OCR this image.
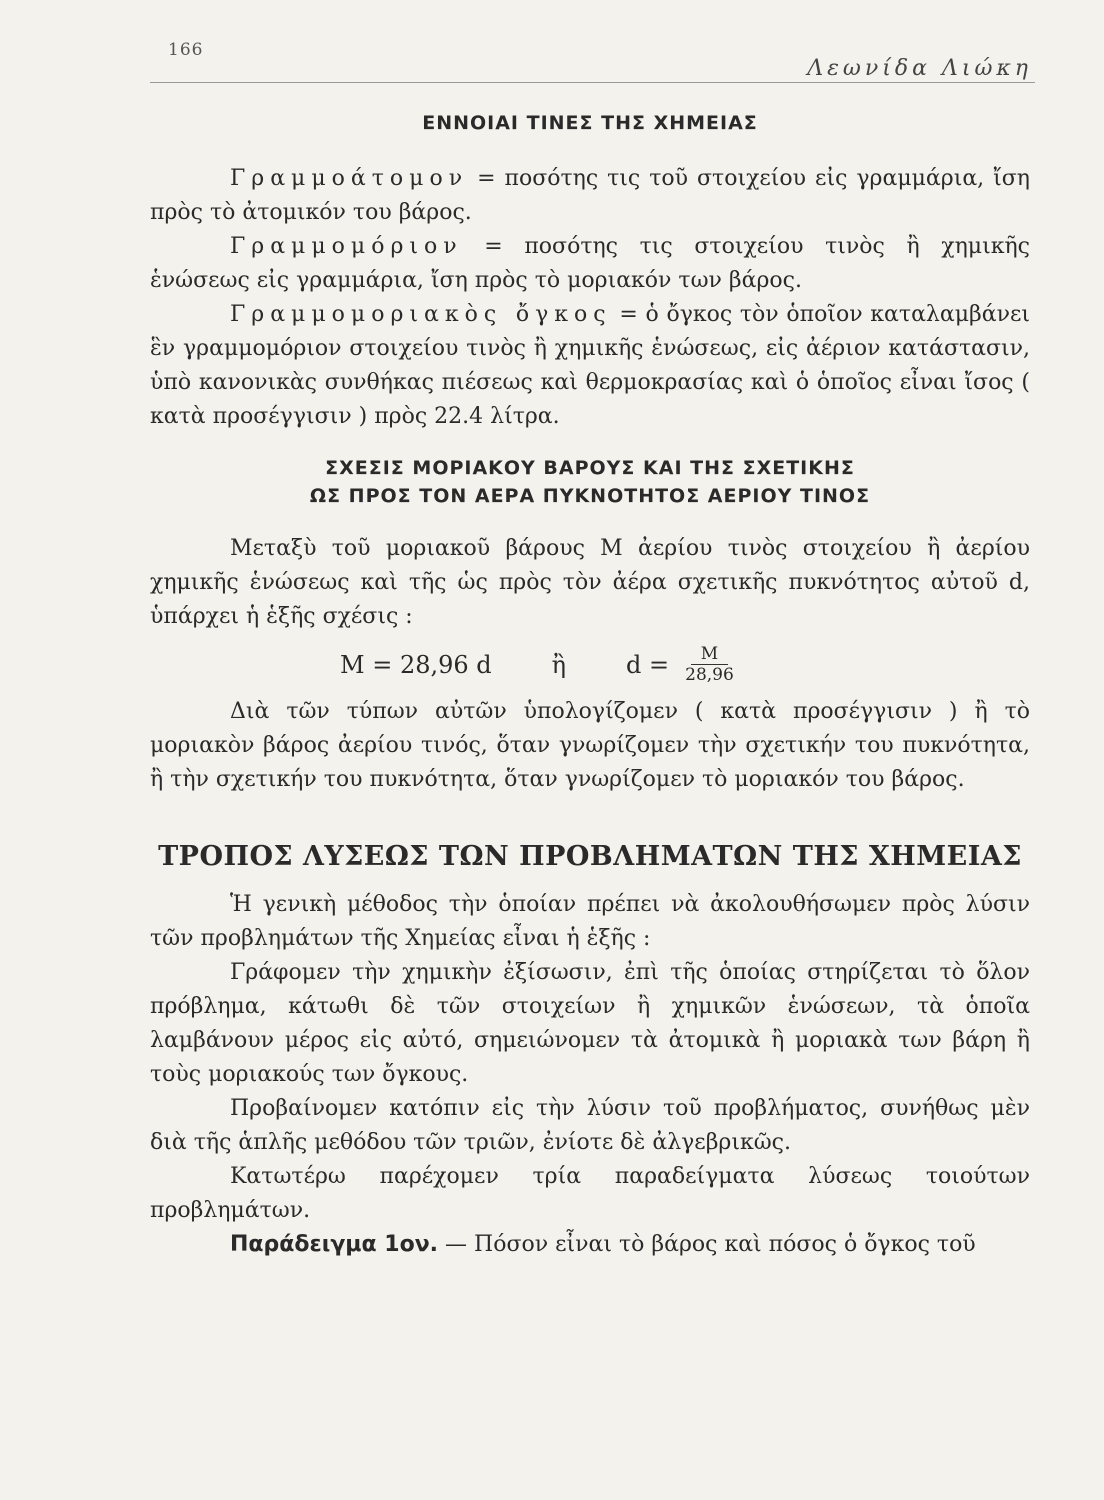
166
Λεωνίδα Λιώκη
ΕΝΝΟΙΑΙ ΤΙΝΕΣ ΤΗΣ ΧΗΜΕΙΑΣ

Γραμμοάτομον = ποσότης τις τοῦ στοιχείου εἰς γραμμάρια, ἴση πρὸς τὸ ἀτομικόν του βάρος.

Γραμμομόριον = ποσότης τις στοιχείου τινὸς ἢ χημικῆς ἑνώσεως εἰς γραμμάρια, ἴση πρὸς τὸ μοριακόν των βάρος.

Γραμμομοριακὸς ὄγκος = ὁ ὄγκος τὸν ὁποῖον καταλαμβάνει ἓν γραμμομόριον στοιχείου τινὸς ἢ χημικῆς ἑνώσεως, εἰς ἀέριον κατάστασιν, ὑπὸ κανονικὰς συνθήκας πιέσεως καὶ θερμοκρασίας καὶ ὁ ὁποῖος εἶναι ἴσος ( κατὰ προσέγγισιν ) πρὸς 22.4 λίτρα.

ΣΧΕΣΙΣ ΜΟΡΙΑΚΟΥ ΒΑΡΟΥΣ ΚΑΙ ΤΗΣ ΣΧΕΤΙΚΗΣ
ΩΣ ΠΡΟΣ ΤΟΝ ΑΕΡΑ ΠΥΚΝΟΤΗΤΟΣ ΑΕΡΙΟΥ ΤΙΝΟΣ

Μεταξὺ τοῦ μοριακοῦ βάρους Μ ἀερίου τινὸς στοιχείου ἢ ἀερίου χημικῆς ἑνώσεως καὶ τῆς ὡς πρὸς τὸν ἀέρα σχετικῆς πυκνότητος αὐτοῦ d, ὑπάρχει ἡ ἑξῆς σχέσις :

Μ = 28,96 d	ἢ	$d = \frac{M}{28,96}$

Διὰ τῶν τύπων αὐτῶν ὑπολογίζομεν ( κατὰ προσέγγισιν ) ἢ τὸ μοριακὸν βάρος ἀερίου τινός, ὅταν γνωρίζομεν τὴν σχετικήν του πυκνότητα, ἢ τὴν σχετικήν του πυκνότητα, ὅταν γνωρίζομεν τὸ μοριακόν του βάρος.

ΤΡΟΠΟΣ ΛΥΣΕΩΣ ΤΩΝ ΠΡΟΒΛΗΜΑΤΩΝ ΤΗΣ ΧΗΜΕΙΑΣ

Ἡ γενικὴ μέθοδος τὴν ὁποίαν πρέπει νὰ ἀκολουθήσωμεν πρὸς λύσιν τῶν προβλημάτων τῆς Χημείας εἶναι ἡ ἑξῆς :

Γράφομεν τὴν χημικὴν ἐξίσωσιν, ἐπὶ τῆς ὁποίας στηρίζεται τὸ ὅλον πρόβλημα, κάτωθι δὲ τῶν στοιχείων ἢ χημικῶν ἑνώσεων, τὰ ὁποῖα λαμβάνουν μέρος εἰς αὐτό, σημειώνομεν τὰ ἀτομικὰ ἢ μοριακὰ των βάρη ἢ τοὺς μοριακούς των ὄγκους.

Προβαίνομεν κατόπιν εἰς τὴν λύσιν τοῦ προβλήματος, συνήθως μὲν διὰ τῆς ἁπλῆς μεθόδου τῶν τριῶν, ἐνίοτε δὲ ἀλγεβρικῶς.

Κατωτέρω παρέχομεν τρία παραδείγματα λύσεως τοιούτων προβλημάτων.

Παράδειγμα 1ον. — Πόσον εἶναι τὸ βάρος καὶ πόσος ὁ ὄγκος τοῦ
